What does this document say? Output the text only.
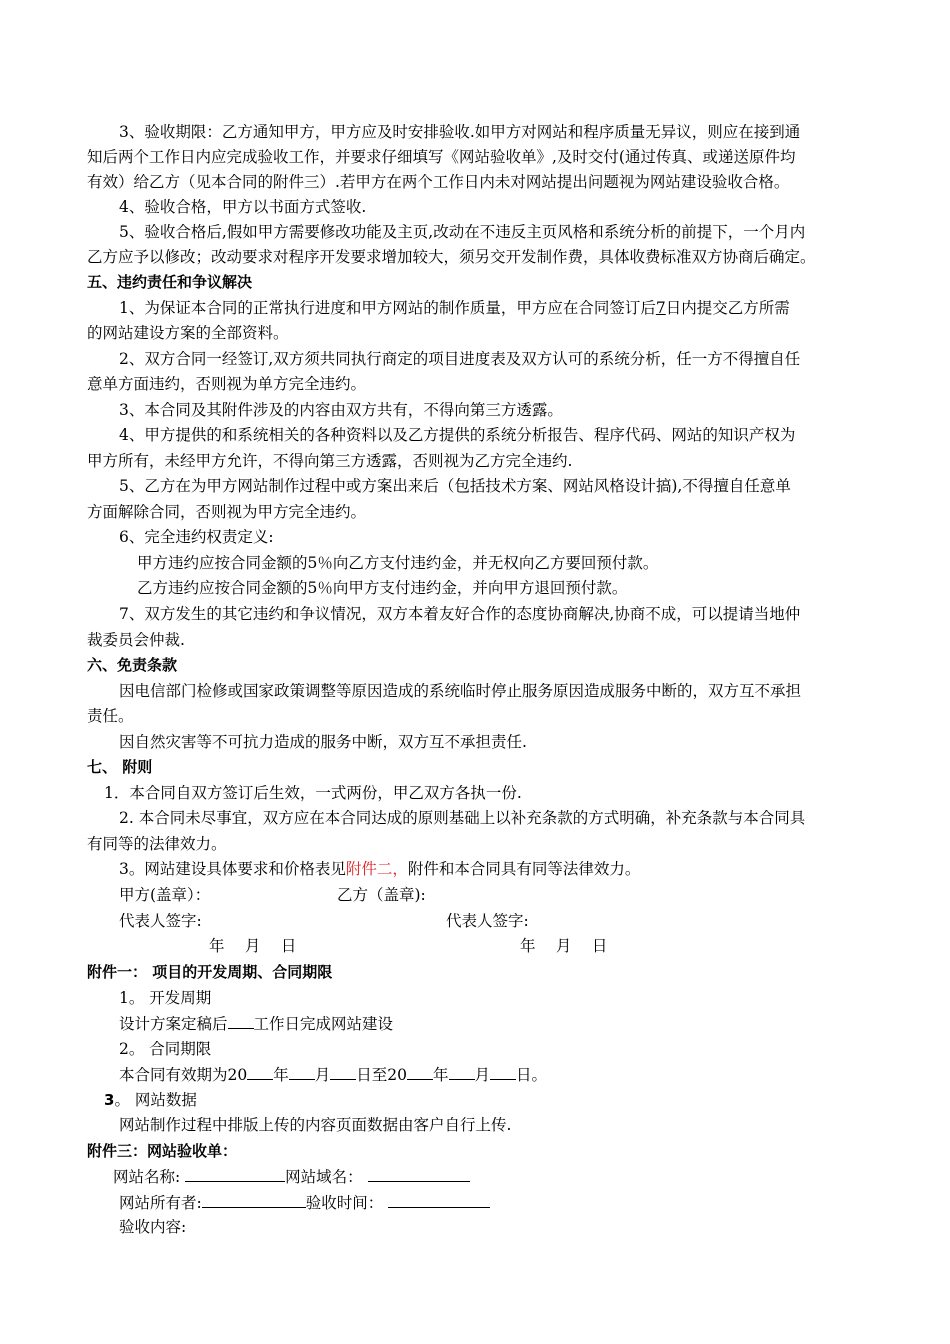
3、验收期限：乙方通知甲方，甲方应及时安排验收.如甲方对网站和程序质量无异议，则应在接到通
知后两个工作日内应完成验收工作，并要求仔细填写《网站验收单》,及时交付(通过传真、或递送原件均
有效）给乙方（见本合同的附件三）.若甲方在两个工作日内未对网站提出问题视为网站建设验收合格。
4、验收合格，甲方以书面方式签收.
5、验收合格后,假如甲方需要修改功能及主页,改动在不违反主页风格和系统分析的前提下，一个月内
乙方应予以修改；改动要求对程序开发要求增加较大，须另交开发制作费，具体收费标准双方协商后确定。
五、违约责任和争议解决
1、为保证本合同的正常执行进度和甲方网站的制作质量，甲方应在合同签订后7日内提交乙方所需
的网站建设方案的全部资料。
2、双方合同一经签订,双方须共同执行商定的项目进度表及双方认可的系统分析，任一方不得擅自任
意单方面违约，否则视为单方完全违约。
3、本合同及其附件涉及的内容由双方共有，不得向第三方透露。
4、甲方提供的和系统相关的各种资料以及乙方提供的系统分析报告、程序代码、网站的知识产权为
甲方所有，未经甲方允许，不得向第三方透露，否则视为乙方完全违约.
5、乙方在为甲方网站制作过程中或方案出来后（包括技术方案、网站风格设计搞),不得擅自任意单
方面解除合同，否则视为甲方完全违约。
6、完全违约权责定义:
甲方违约应按合同金额的5％向乙方支付违约金，并无权向乙方要回预付款。
乙方违约应按合同金额的5％向甲方支付违约金，并向甲方退回预付款。
7、双方发生的其它违约和争议情况，双方本着友好合作的态度协商解决,协商不成，可以提请当地仲
裁委员会仲裁.
六、免责条款
因电信部门检修或国家政策调整等原因造成的系统临时停止服务原因造成服务中断的，双方互不承担
责任。
因自然灾害等不可抗力造成的服务中断，双方互不承担责任.
七、 附则
1．本合同自双方签订后生效，一式两份，甲乙双方各执一份.
2. 本合同未尽事宜，双方应在本合同达成的原则基础上以补充条款的方式明确，补充条款与本合同具
有同等的法律效力。
3。网站建设具体要求和价格表见附件二，附件和本合同具有同等法律效力。
甲方(盖章）：	乙方（盖章):
代表人签字:	代表人签字:
年　 月　 日	年　 月　 日
附件一： 项目的开发周期、合同期限
1。 开发周期
设计方案定稿后 工作日完成网站建设
2。 合同期限
本合同有效期为20 年 月 日至20 年 月 日。
3。 网站数据
网站制作过程中排版上传的内容页面数据由客户自行上传.
附件三：网站验收单：
网站名称:	网站域名：
网站所有者:	验收时间：
验收内容:
